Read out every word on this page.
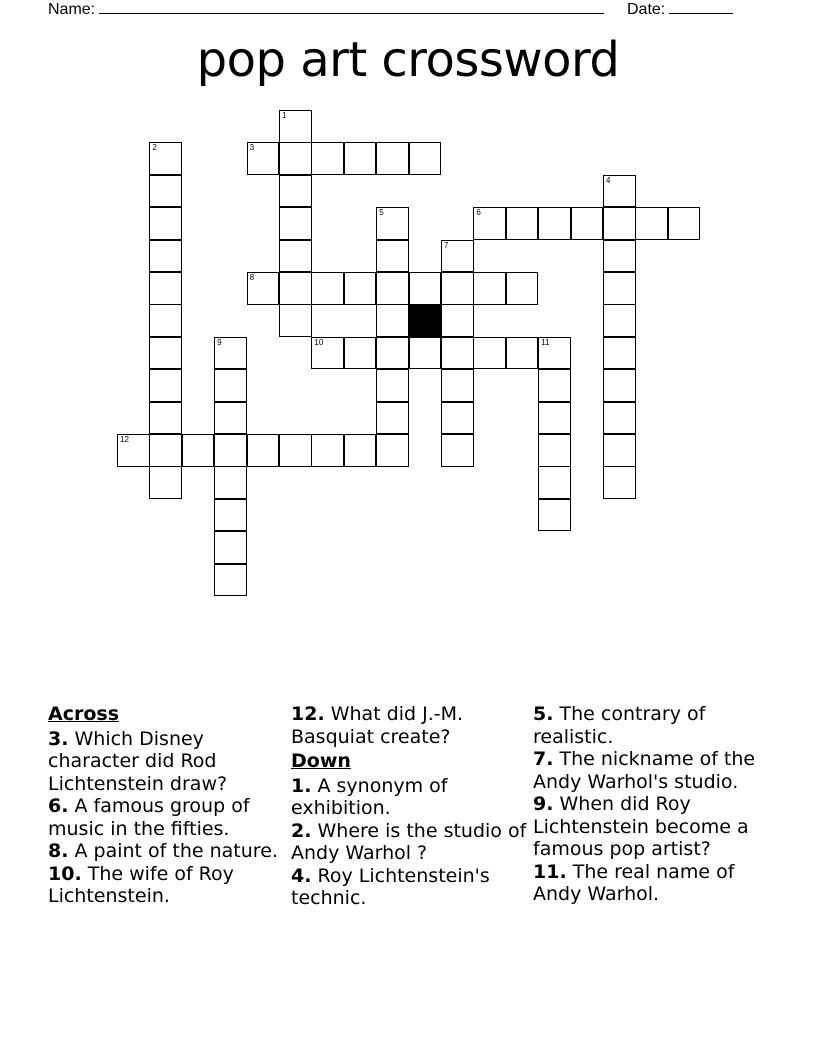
Name:	Date:
pop art crossword
1
2	3
4
5	6
7
8
9	10	11
12
Across

3. Which Disney character did Rod Lichtenstein draw?

6. A famous group of music in the fifties.

8. A paint of the nature.

10. The wife of Roy Lichtenstein.

12. What did J.-M. Basquiat create?

Down

1. A synonym of exhibition.

2. Where is the studio of Andy Warhol ?

4. Roy Lichtenstein's technic.

5. The contrary of realistic.

7. The nickname of the Andy Warhol's studio.

9. When did Roy Lichtenstein become a famous pop artist?

11. The real name of Andy Warhol.
